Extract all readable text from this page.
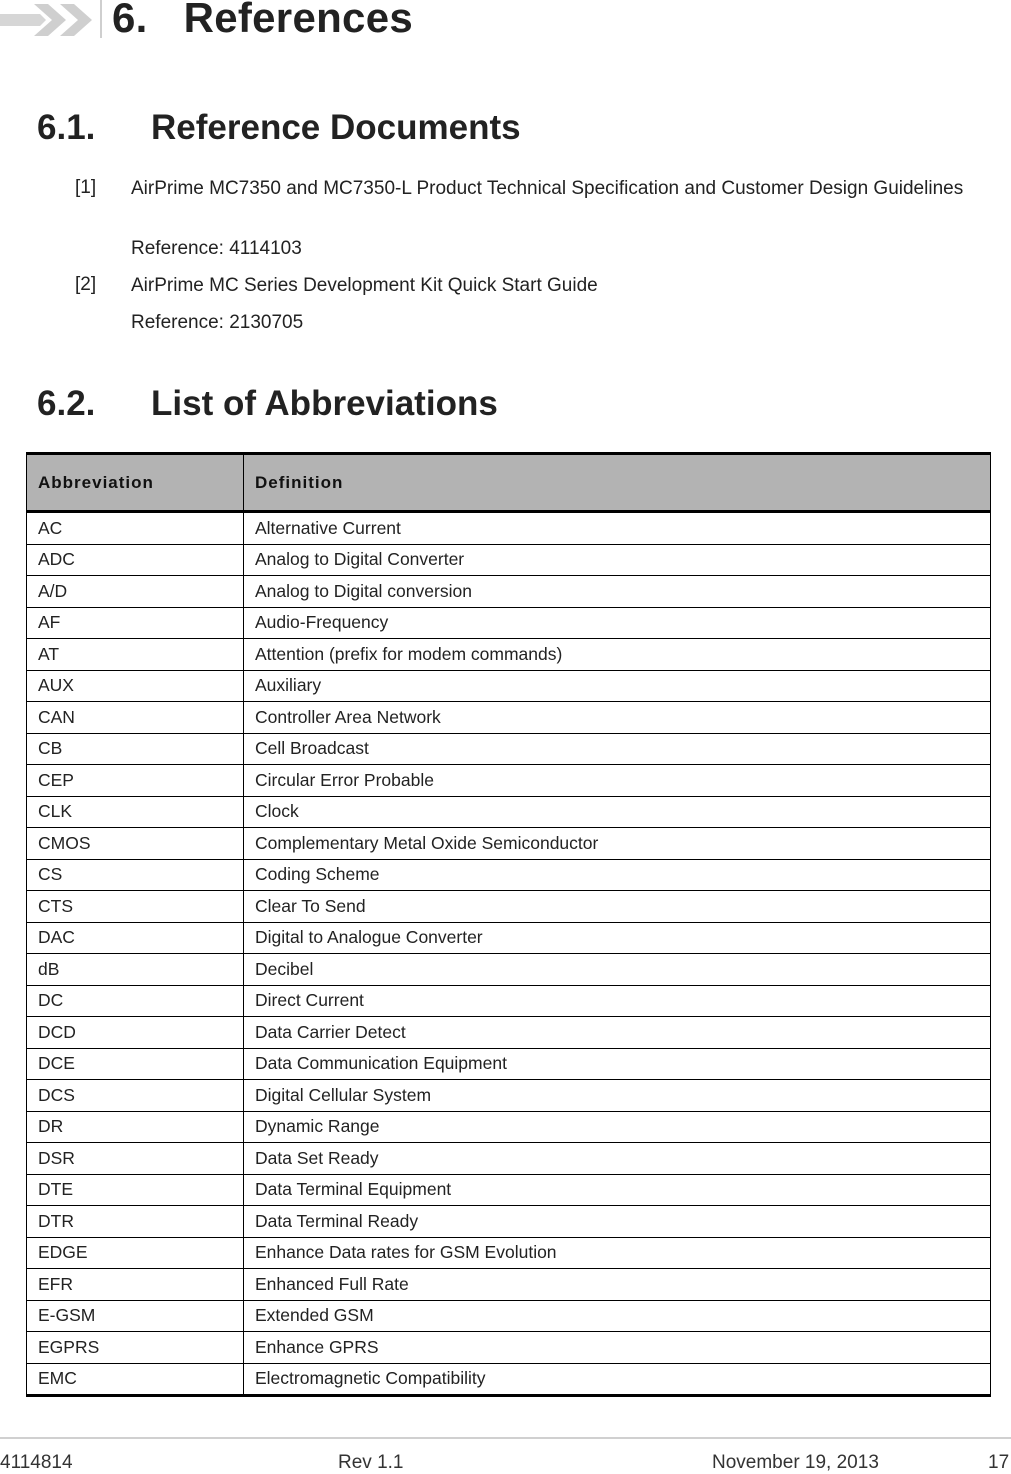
6. References
6.1. Reference Documents
[1] AirPrime MC7350 and MC7350-L Product Technical Specification and Customer Design Guidelines
Reference: 4114103
[2] AirPrime MC Series Development Kit Quick Start Guide
Reference: 2130705
6.2. List of Abbreviations
Abbreviation	Definition
AC	Alternative Current
ADC	Analog to Digital Converter
A/D	Analog to Digital conversion
AF	Audio-Frequency
AT	Attention (prefix for modem commands)
AUX	Auxiliary
CAN	Controller Area Network
CB	Cell Broadcast
CEP	Circular Error Probable
CLK	Clock
CMOS	Complementary Metal Oxide Semiconductor
CS	Coding Scheme
CTS	Clear To Send
DAC	Digital to Analogue Converter
dB	Decibel
DC	Direct Current
DCD	Data Carrier Detect
DCE	Data Communication Equipment
DCS	Digital Cellular System
DR	Dynamic Range
DSR	Data Set Ready
DTE	Data Terminal Equipment
DTR	Data Terminal Ready
EDGE	Enhance Data rates for GSM Evolution
EFR	Enhanced Full Rate
E-GSM	Extended GSM
EGPRS	Enhance GPRS
EMC	Electromagnetic Compatibility
4114814	Rev 1.1	November 19, 2013	17
